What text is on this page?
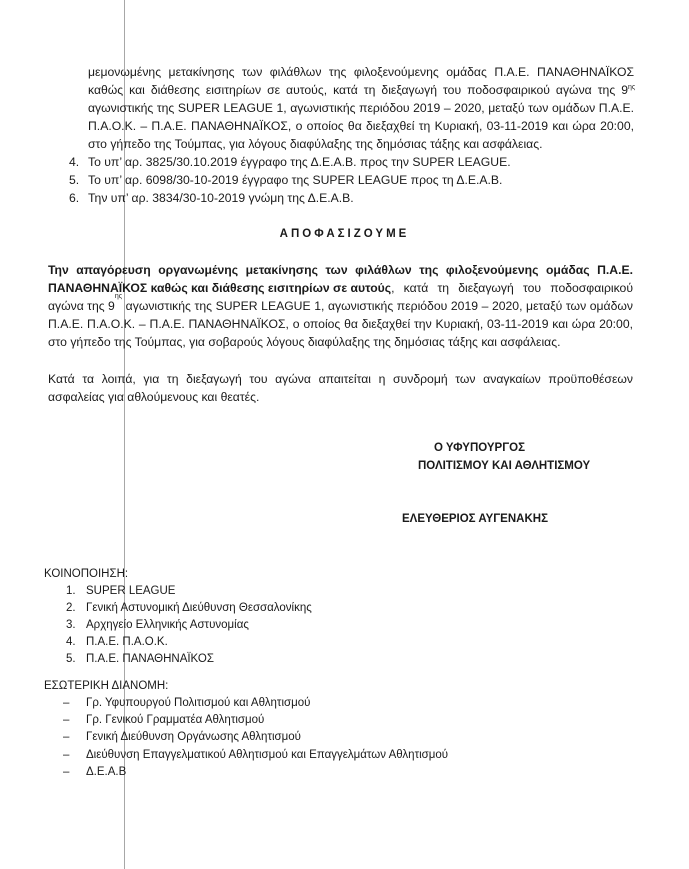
μεμονωμένης μετακίνησης των φιλάθλων της φιλοξενούμενης ομάδας Π.Α.Ε. ΠΑΝΑΘΗΝΑΪΚΟΣ
καθώς και διάθεσης εισιτηρίων σε αυτούς, κατά τη διεξαγωγή του ποδοσφαιρικού αγώνα της $9^{\eta\varsigma}$
αγωνιστικής της SUPER LEAGUE 1, αγωνιστικής περιόδου 2019 – 2020, μεταξύ των ομάδων Π.Α.Ε.
Π.Α.Ο.Κ. – Π.Α.Ε. ΠΑΝΑΘΗΝΑΪΚΟΣ, ο οποίος θα διεξαχθεί τη Κυριακή, 03-11-2019 και ώρα 20:00,
στο γήπεδο της Τούμπας, για λόγους διαφύλαξης της δημόσιας τάξης και ασφάλειας.
4. Το υπ’ αρ. 3825/30.10.2019 έγγραφο της Δ.Ε.Α.Β. προς την SUPER LEAGUE.
5. Το υπ’ αρ. 6098/30-10-2019 έγγραφο της SUPER LEAGUE προς τη Δ.Ε.Α.Β.
6. Την υπ’ αρ. 3834/30-10-2019 γνώμη της Δ.Ε.Α.Β.
ΑΠΟΦΑΣΙΖΟΥΜΕ
Την απαγόρευση οργανωμένης μετακίνησης των φιλάθλων της φιλοξενούμενης ομάδας Π.Α.Ε.
ΠΑΝΑΘΗΝΑΪΚΟΣ καθώς και διάθεσης εισιτηρίων σε αυτούς , κατά τη διεξαγωγή του ποδοσφαιρικού
αγώνα της 9
ης
αγωνιστικής της SUPER LEAGUE 1, αγωνιστικής περιόδου 2019 – 2020, μεταξύ των ομάδων
Π.Α.Ε. Π.Α.Ο.Κ. – Π.Α.Ε. ΠΑΝΑΘΗΝΑΪΚΟΣ, ο οποίος θα διεξαχθεί την Κυριακή, 03-11-2019 και ώρα 20:00,
στο γήπεδο της Τούμπας, για σοβαρούς λόγους διαφύλαξης της δημόσιας τάξης και ασφάλειας.
Κατά τα λοιπά, για τη διεξαγωγή του αγώνα απαιτείται η συνδρομή των αναγκαίων προϋποθέσεων
ασφαλείας για αθλούμενους και θεατές.
Ο ΥΦΥΠΟΥΡΓΟΣ
ΠΟΛΙΤΙΣΜΟΥ ΚΑΙ ΑΘΛΗΤΙΣΜΟΥ
ΕΛΕΥΘΕΡΙΟΣ ΑΥΓΕΝΑΚΗΣ
ΚΟΙΝΟΠΟΙΗΣΗ:
1. SUPER LEAGUE
2. Γενική Αστυνομική Διεύθυνση Θεσσαλονίκης
3. Αρχηγείο Ελληνικής Αστυνομίας
4. Π.Α.Ε. Π.Α.Ο.Κ.
5. Π.Α.Ε. ΠΑΝΑΘΗΝΑΪΚΟΣ
ΕΣΩΤΕΡΙΚΗ ΔΙΑΝΟΜΗ:
– Γρ. Υφυπουργού Πολιτισμού και Αθλητισμού
– Γρ. Γενικού Γραμματέα Αθλητισμού
– Γενική Διεύθυνση Οργάνωσης Αθλητισμού
– Διεύθυνση Επαγγελματικού Αθλητισμού και Επαγγελμάτων Αθλητισμού
– Δ.Ε.Α.Β
